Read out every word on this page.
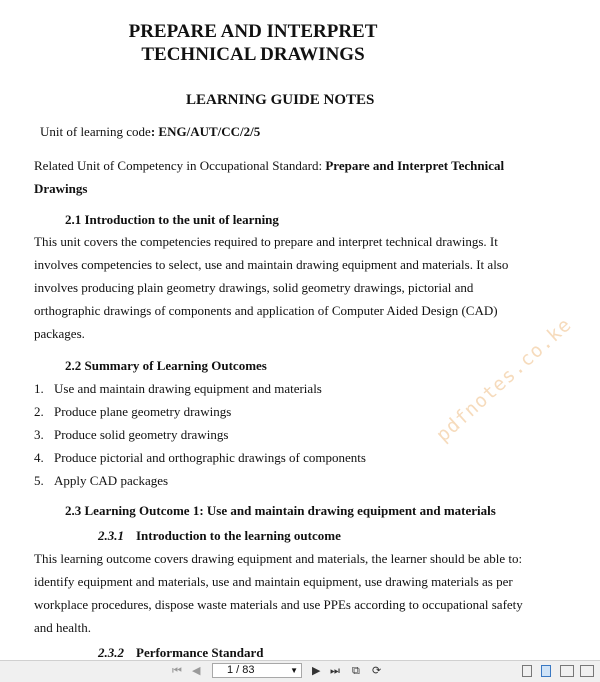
PREPARE AND INTERPRET TECHNICAL DRAWINGS
LEARNING GUIDE NOTES
Unit of learning code: ENG/AUT/CC/2/5
Related Unit of Competency in Occupational Standard: Prepare and Interpret Technical Drawings
2.1 Introduction to the unit of learning
This unit covers the competencies required to prepare and interpret technical drawings. It
involves competencies to select, use and maintain drawing equipment and materials. It also
involves producing plain geometry drawings, solid geometry drawings, pictorial and
orthographic drawings of components and application of Computer Aided Design (CAD)
packages.
2.2 Summary of Learning Outcomes
1. Use and maintain drawing equipment and materials
2. Produce plane geometry drawings
3. Produce solid geometry drawings
4. Produce pictorial and orthographic drawings of components
5. Apply CAD packages
2.3 Learning Outcome 1: Use and maintain drawing equipment and materials
2.3.1 Introduction to the learning outcome
This learning outcome covers drawing equipment and materials, the learner should be able to:
identify equipment and materials, use and maintain equipment, use drawing materials as per
workplace procedures, dispose waste materials and use PPEs according to occupational safety
and health.
2.3.2 Performance Standard
pdfnotes.co.ke
⏮ ◀	1 / 83	▼ ▶ ⏭ ⧉ ⟳
